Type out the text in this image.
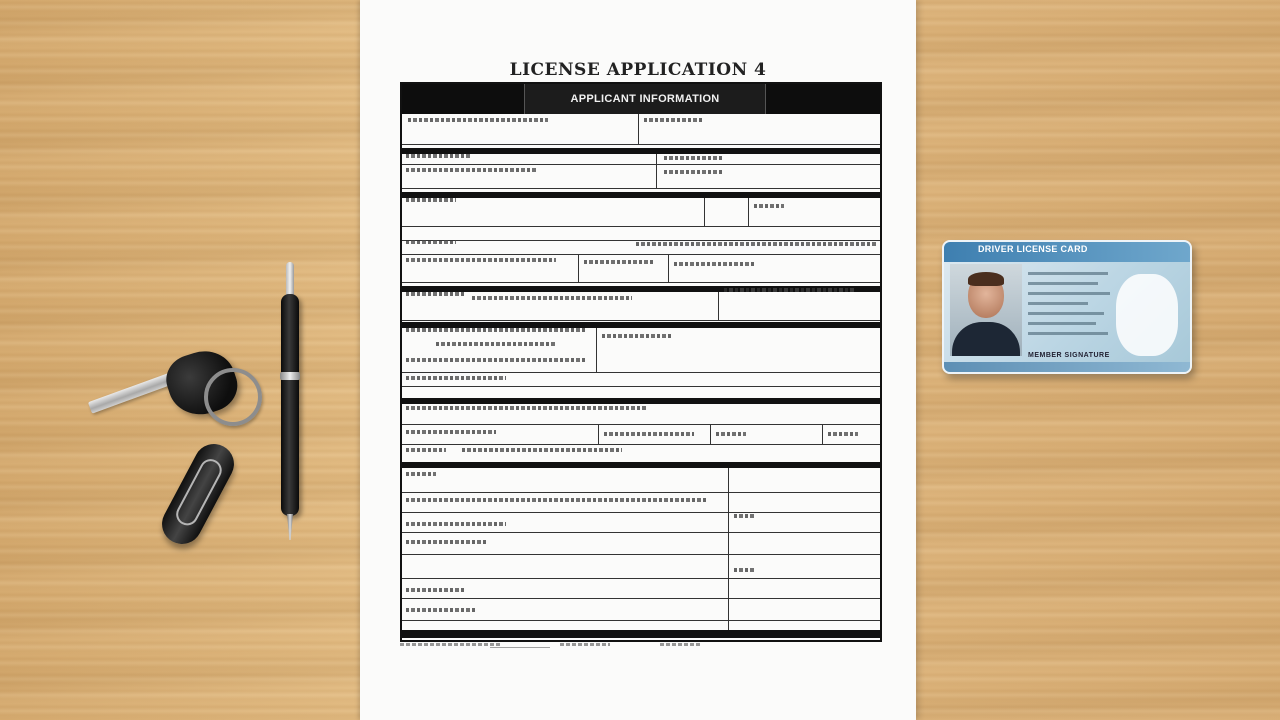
LICENSE APPLICATION 4
APPLICANT INFORMATION
DRIVER LICENSE CARD
MEMBER SIGNATURE
